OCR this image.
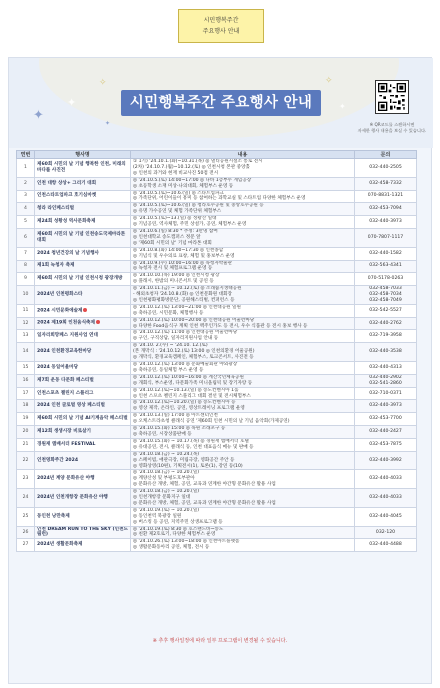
시민행복주간
주요행사 안내
✦	✦
✧	✧
✦
✦
시민행복주간 주요행사 안내
※ QR코드를 스캔하시면
자세한 행사 내용을 보실 수 있습니다.
연번	행사명	내용	문의
1	제60회 시민의 날 기념 행복한 인천, 미래의 바다를 사진전	① 1기) '24.10.1.(화)~10.31.(목) ◎ 멀티공원시설소 통로 전시
(2차) '24.10.7.(월)~10.12.(토) ◎ 인천시청 본관 중앙홀
◎ 인천의 과거와 현재 비교사진 50점 전시	032-440-2505
2	인천 대항 상상+ 그리기 대회	◎ '24.10.5.(토) 14:00~17:00 ◎ 나바 1층부두 게임공장
◎ 초등학생 소재 미상-나의대회, 체험부스 운영 등	032-458-7332
3	인천스타트업파크 호기심마켓	◎ '24.10.5.(토)~10.6.(일) ◎ 스타트업파크
◎ 가족단위, 어린이들이 흥미 등 참여하는 과학교실 및 스타트업 다양한 체험부스 운영	070-8831-1321
4	청라 라인페스티벌	◎ '24.10.5.(토)~10.6.(일) ◎ 청라호수공원 및 중앙호수공원 등
◎ 유명 가수공연 및 체험 가족단위 체험부스	032-453-7094
5	제24회 성황성 역사문화축제	◎ '24.10.5.(토)~13.(일) ◎ 성황산 일대
◎ 기념공연, 역사체험, 주민 상설가, 공연, 체험부스 운영	032-440-3973
6	제60회 시민의 날 기념 인천송도국제마라톤대회	◎ '24.10.6.(일) 8:30 * 추정: 3만명 참여
◎ 인천대학교 송도캠퍼스 정문 앞
◎ '제60회 시민의 날' 기념 마라톤 대회	070-7807-1117
7	2024 청년건강의 날 기념행사	◎ '24.10.8.(화) 14:00~17:30 ◎ 인천종합
◎ 기념식 및 우수의료 표창, 체험 및 홍보부스 운영	032-440-1582
8	제1회 녹청자 축제	◎ '24.10.9.(수) 10:00~16:00 ◎ 녹청자박물관
◎ 녹청자 전시 및 체험프로그램 운영 등	032-563-4341
9	제60회 시민의 날 기념 인천시청 광장개방	◎ '24.10.10.(목) 19:00 ◎ 인천시청 광장
◎ 플래시, 한밤의 미니콘서트 및 공연 등	070-5178-0263
10	2024년 인천평화스타	◎ '24.10.11.(금) ~ 10.12.(토) ◎ 소래습지생태공원
- 해외초청자 '24.10.8.(화) ◎ 인천문화원 대회장
◎ 인천평화평화방문단, 공원해스티벌, 컨퍼런스 등	032-458-7033
032-458-7034
032-458-7049
11	2024 시민문화예술제	◎ '24.10.12.(토) 13:00~21:00 ◎ 인천대공원 일원
◎ 축하공연, 시민문화, 체험행사 등	032-542-5527
12	2024 제19회 인천음식축제	◎ '24.10.12.(토) 10:00~20:00 ◎ 인천대공원 어울련마당
◎ 다양한 Food음식구 계획 인천 맥주인가도 등 전시, 우수 식품관 등 전시 홍보 행사 등	032-440-2762
13	일자리희망페스 지원사업 연대	◎ '24.10.12.(토) 11:00 ◎ 인천대공원 어울련마당
◎ 구인, 구직상담, 일자리지원사업 안내 등	032-719-3958
14	2024 인천환경교육한마당	◎ '24.10. 2.(수) ~ '24.10. 12.(토)
(본 개막식 : '24.10.12.(토) 13:00 ◎ 인천의환경 어울공원)
◎ 개막식, 환경교육캠페인, 체험부스, 토크콘서트, 사진전 등	032-440-3538
15	2024 동일어울마당	◎ '24.10.12.(토) 13:00 ◎ 문화예술회관 야외광장
◎ 축하공연, 동일체험 부스 운영 등	032-440-4313
16	제7회 운동 다문화 페스티벌	◎ '24.10.12.(토) 10:00~16:00 ◎ 계산국민체육공원
◎ 개회식, 부스운영, 다문화가족 미니올림픽 및 장기자랑 등	032-440-2902
032-541-2860
17	인천스포츠 챌린지 스플리그	◎ '24.10.12.(토)~10.13.(일) ◎ 송도컨벤시아 1홀
◎ 인천 스포츠 챌린지 스플리그 대회 결선 및 전시체험부스	032-710-0371
18	2024 인천 글로벌 영상 페스티벌	◎ '24.10.12.(토)~10.20.(일) ◎ 송도컨벤시아 등
◎ 영상 제작, 온라인, 공연, 영상트레이닝 프로그램 운영	032-440-3973
19	제60회 시민의 날 기념 AI기계음악 페스티벌	◎ '24.10.13.(일) 17:00 ◎ 아트센터인천
◎ 오케스트라초청 클래식 공연 '제60회 인천 시민의 날 기념 음악회(가제공연)	032-453-7700
20	제12회 생생시장 비로살기	◎ '24.10.15.(화) 15:00 ◎ 녹원 소래포구 등
◎ 축하공연, 시장상품판매 등	032-440-2427
21	경원재 앰배서더 FESTIVAL	◎ '24.10.15.(화) ~ 10.17.(목) ◎ 경원재 앰배서더 호텔
◎ 유대공연, 전시, 클래식 등, 인천 대표음식 메뉴 및 판매 등	032-453-7875
22	인천영화주간 2024	◎ '24.10.18.(금) ~ 10.24.(목)
◎ 스페이빔, 애관극장, 미림극장, 영화공간 주안 등
◎ 영화상영(10편), 기획전시(1), 토론(1), 강연 등(10)	032-440-3992
23	2024년 계양 문화유산 야행	◎ '24.10.18.(금) ~ 10.20.(일)
◎ 계양산성 및 부평도호부관아
◎ 문화유산 개방, 체험, 공연, 교육과 연계한 야간형 문화유산 활용 사업	032-440-4033
24	2024년 인천개항장 문화유산 야행	◎ '24.10.18.(금) ~ 10.20.(일)
◎ 인천개항장 문화지구 일대
◎ 문화유산 개방, 체험, 공연, 교육과 연계한 야간형 문화유산 활용 사업	032-440-4033
25	동인천 낭만축제	◎ '24.10.19.(토) ~ 10.20.(일)
◎ 동인천역 북광장 일원
◎ 버스킹 등 공연, 지역주민 상생프로그램 등	032-440-4045
26	인천 DREAM RUN TO THE SKY (인천드림런)	◎ '24.10.19.(토) 8:30 ◎ 호스랜드바~송도
◎ 친환 제2호로기, 다양한 체험부스 운영	032-120
27	2024년 생활문화축제	◎ '24.10.26.(토) 13:00~18:00 ◎ 인천아트플랫폼
◎ 생활문화동아리 공연, 체험, 전시 등	032-440-4488
※ 추후 행사일정에 따라 일부 프로그램이 변경될 수 있습니다.
